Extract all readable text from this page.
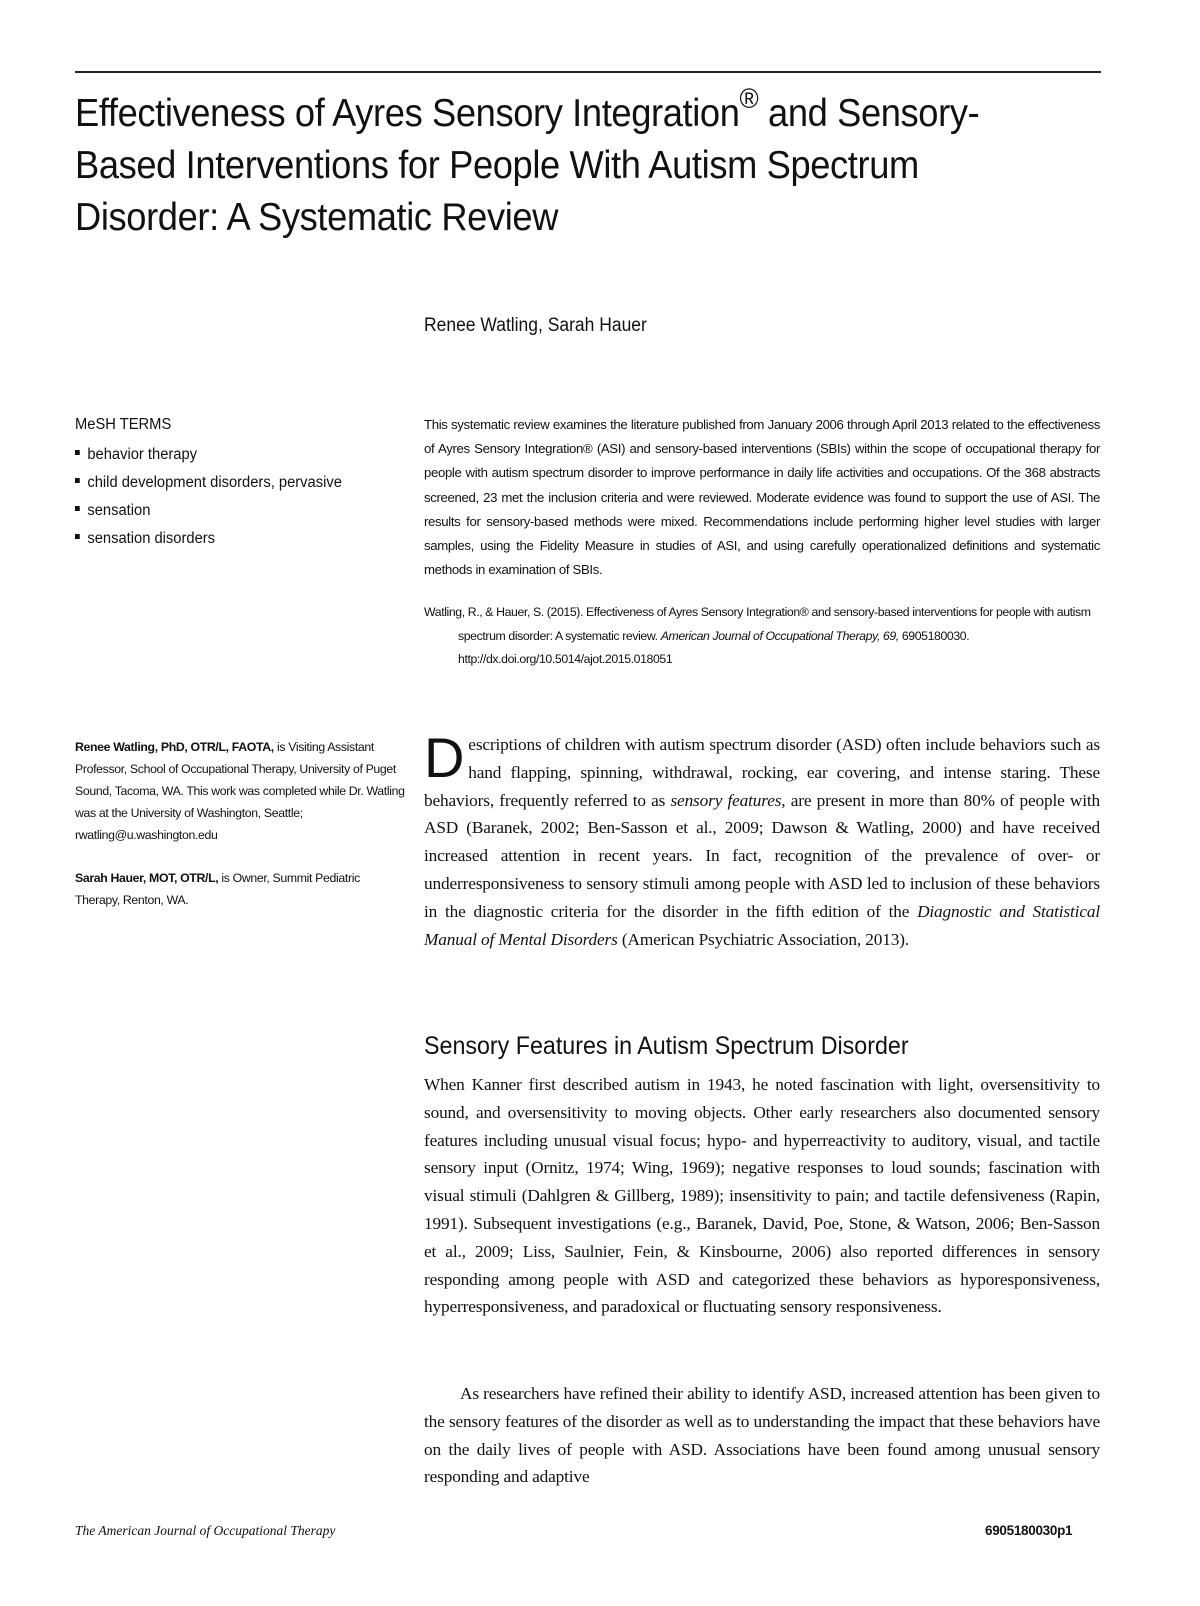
Effectiveness of Ayres Sensory Integration® and Sensory-Based Interventions for People With Autism Spectrum Disorder: A Systematic Review
Renee Watling, Sarah Hauer
MeSH TERMS
behavior therapy
child development disorders, pervasive
sensation
sensation disorders

This systematic review examines the literature published from January 2006 through April 2013 related to the effectiveness of Ayres Sensory Integration® (ASI) and sensory-based interventions (SBIs) within the scope of occupational therapy for people with autism spectrum disorder to improve performance in daily life activities and occupations. Of the 368 abstracts screened, 23 met the inclusion criteria and were reviewed. Moderate evidence was found to support the use of ASI. The results for sensory-based methods were mixed. Recommendations include performing higher level studies with larger samples, using the Fidelity Measure in studies of ASI, and using carefully operationalized definitions and systematic methods in examination of SBIs.

Watling, R., & Hauer, S. (2015). Effectiveness of Ayres Sensory Integration® and sensory-based interventions for people with autism spectrum disorder: A systematic review. American Journal of Occupational Therapy, 69, 6905180030. http://dx.doi.org/10.5014/ajot.2015.018051

Renee Watling, PhD, OTR/L, FAOTA, is Visiting Assistant Professor, School of Occupational Therapy, University of Puget Sound, Tacoma, WA. This work was completed while Dr. Watling was at the University of Washington, Seattle; rwatling@u.washington.edu

Sarah Hauer, MOT, OTR/L, is Owner, Summit Pediatric Therapy, Renton, WA.

Descriptions of children with autism spectrum disorder (ASD) often include behaviors such as hand flapping, spinning, withdrawal, rocking, ear covering, and intense staring. These behaviors, frequently referred to as sensory features, are present in more than 80% of people with ASD (Baranek, 2002; Ben-Sasson et al., 2009; Dawson & Watling, 2000) and have received increased attention in recent years. In fact, recognition of the prevalence of over- or underresponsiveness to sensory stimuli among people with ASD led to inclusion of these behaviors in the diagnostic criteria for the disorder in the fifth edition of the Diagnostic and Statistical Manual of Mental Disorders (American Psychiatric Association, 2013).

Sensory Features in Autism Spectrum Disorder

When Kanner first described autism in 1943, he noted fascination with light, oversensitivity to sound, and oversensitivity to moving objects. Other early researchers also documented sensory features including unusual visual focus; hypo- and hyperreactivity to auditory, visual, and tactile sensory input (Ornitz, 1974; Wing, 1969); negative responses to loud sounds; fascination with visual stimuli (Dahlgren & Gillberg, 1989); insensitivity to pain; and tactile defensiveness (Rapin, 1991). Subsequent investigations (e.g., Baranek, David, Poe, Stone, & Watson, 2006; Ben-Sasson et al., 2009; Liss, Saulnier, Fein, & Kinsbourne, 2006) also reported differences in sensory responding among people with ASD and categorized these behaviors as hyporesponsiveness, hyperresponsiveness, and paradoxical or fluctuating sensory responsiveness.

As researchers have refined their ability to identify ASD, increased attention has been given to the sensory features of the disorder as well as to understanding the impact that these behaviors have on the daily lives of people with ASD. Associations have been found among unusual sensory responding and adaptive

The American Journal of Occupational Therapy	6905180030p1
